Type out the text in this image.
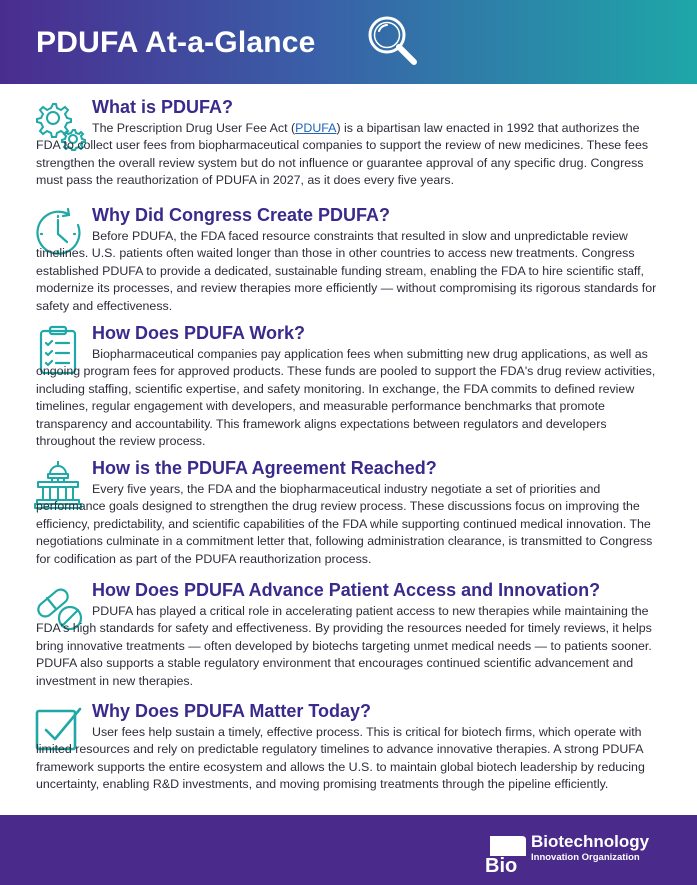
PDUFA At-a-Glance
What is PDUFA?
The Prescription Drug User Fee Act (PDUFA) is a bipartisan law enacted in 1992 that authorizes the FDA to collect user fees from biopharmaceutical companies to support the review of new medicines. These fees strengthen the overall review system but do not influence or guarantee approval of any specific drug. Congress must pass the reauthorization of PDUFA in 2027, as it does every five years.
Why Did Congress Create PDUFA?
Before PDUFA, the FDA faced resource constraints that resulted in slow and unpredictable review timelines. U.S. patients often waited longer than those in other countries to access new treatments. Congress established PDUFA to provide a dedicated, sustainable funding stream, enabling the FDA to hire scientific staff, modernize its processes, and review therapies more efficiently — without compromising its rigorous standards for safety and effectiveness.
How Does PDUFA Work?
Biopharmaceutical companies pay application fees when submitting new drug applications, as well as ongoing program fees for approved products. These funds are pooled to support the FDA's drug review activities, including staffing, scientific expertise, and safety monitoring. In exchange, the FDA commits to defined review timelines, regular engagement with developers, and measurable performance benchmarks that promote transparency and accountability. This framework aligns expectations between regulators and developers throughout the review process.
How is the PDUFA Agreement Reached?
Every five years, the FDA and the biopharmaceutical industry negotiate a set of priorities and performance goals designed to strengthen the drug review process. These discussions focus on improving the efficiency, predictability, and scientific capabilities of the FDA while supporting continued medical innovation. The negotiations culminate in a commitment letter that, following administration clearance, is transmitted to Congress for codification as part of the PDUFA reauthorization process.
How Does PDUFA Advance Patient Access and Innovation?
PDUFA has played a critical role in accelerating patient access to new therapies while maintaining the FDA's high standards for safety and effectiveness. By providing the resources needed for timely reviews, it helps bring innovative treatments — often developed by biotechs targeting unmet medical needs — to patients sooner. PDUFA also supports a stable regulatory environment that encourages continued scientific advancement and investment in new therapies.
Why Does PDUFA Matter Today?
User fees help sustain a timely, effective process. This is critical for biotech firms, which operate with limited resources and rely on predictable regulatory timelines to advance innovative therapies. A strong PDUFA framework supports the entire ecosystem and allows the U.S. to maintain global biotech leadership by reducing uncertainty, enabling R&D investments, and moving promising treatments through the pipeline efficiently.
Bio
Biotechnology
Innovation Organization
